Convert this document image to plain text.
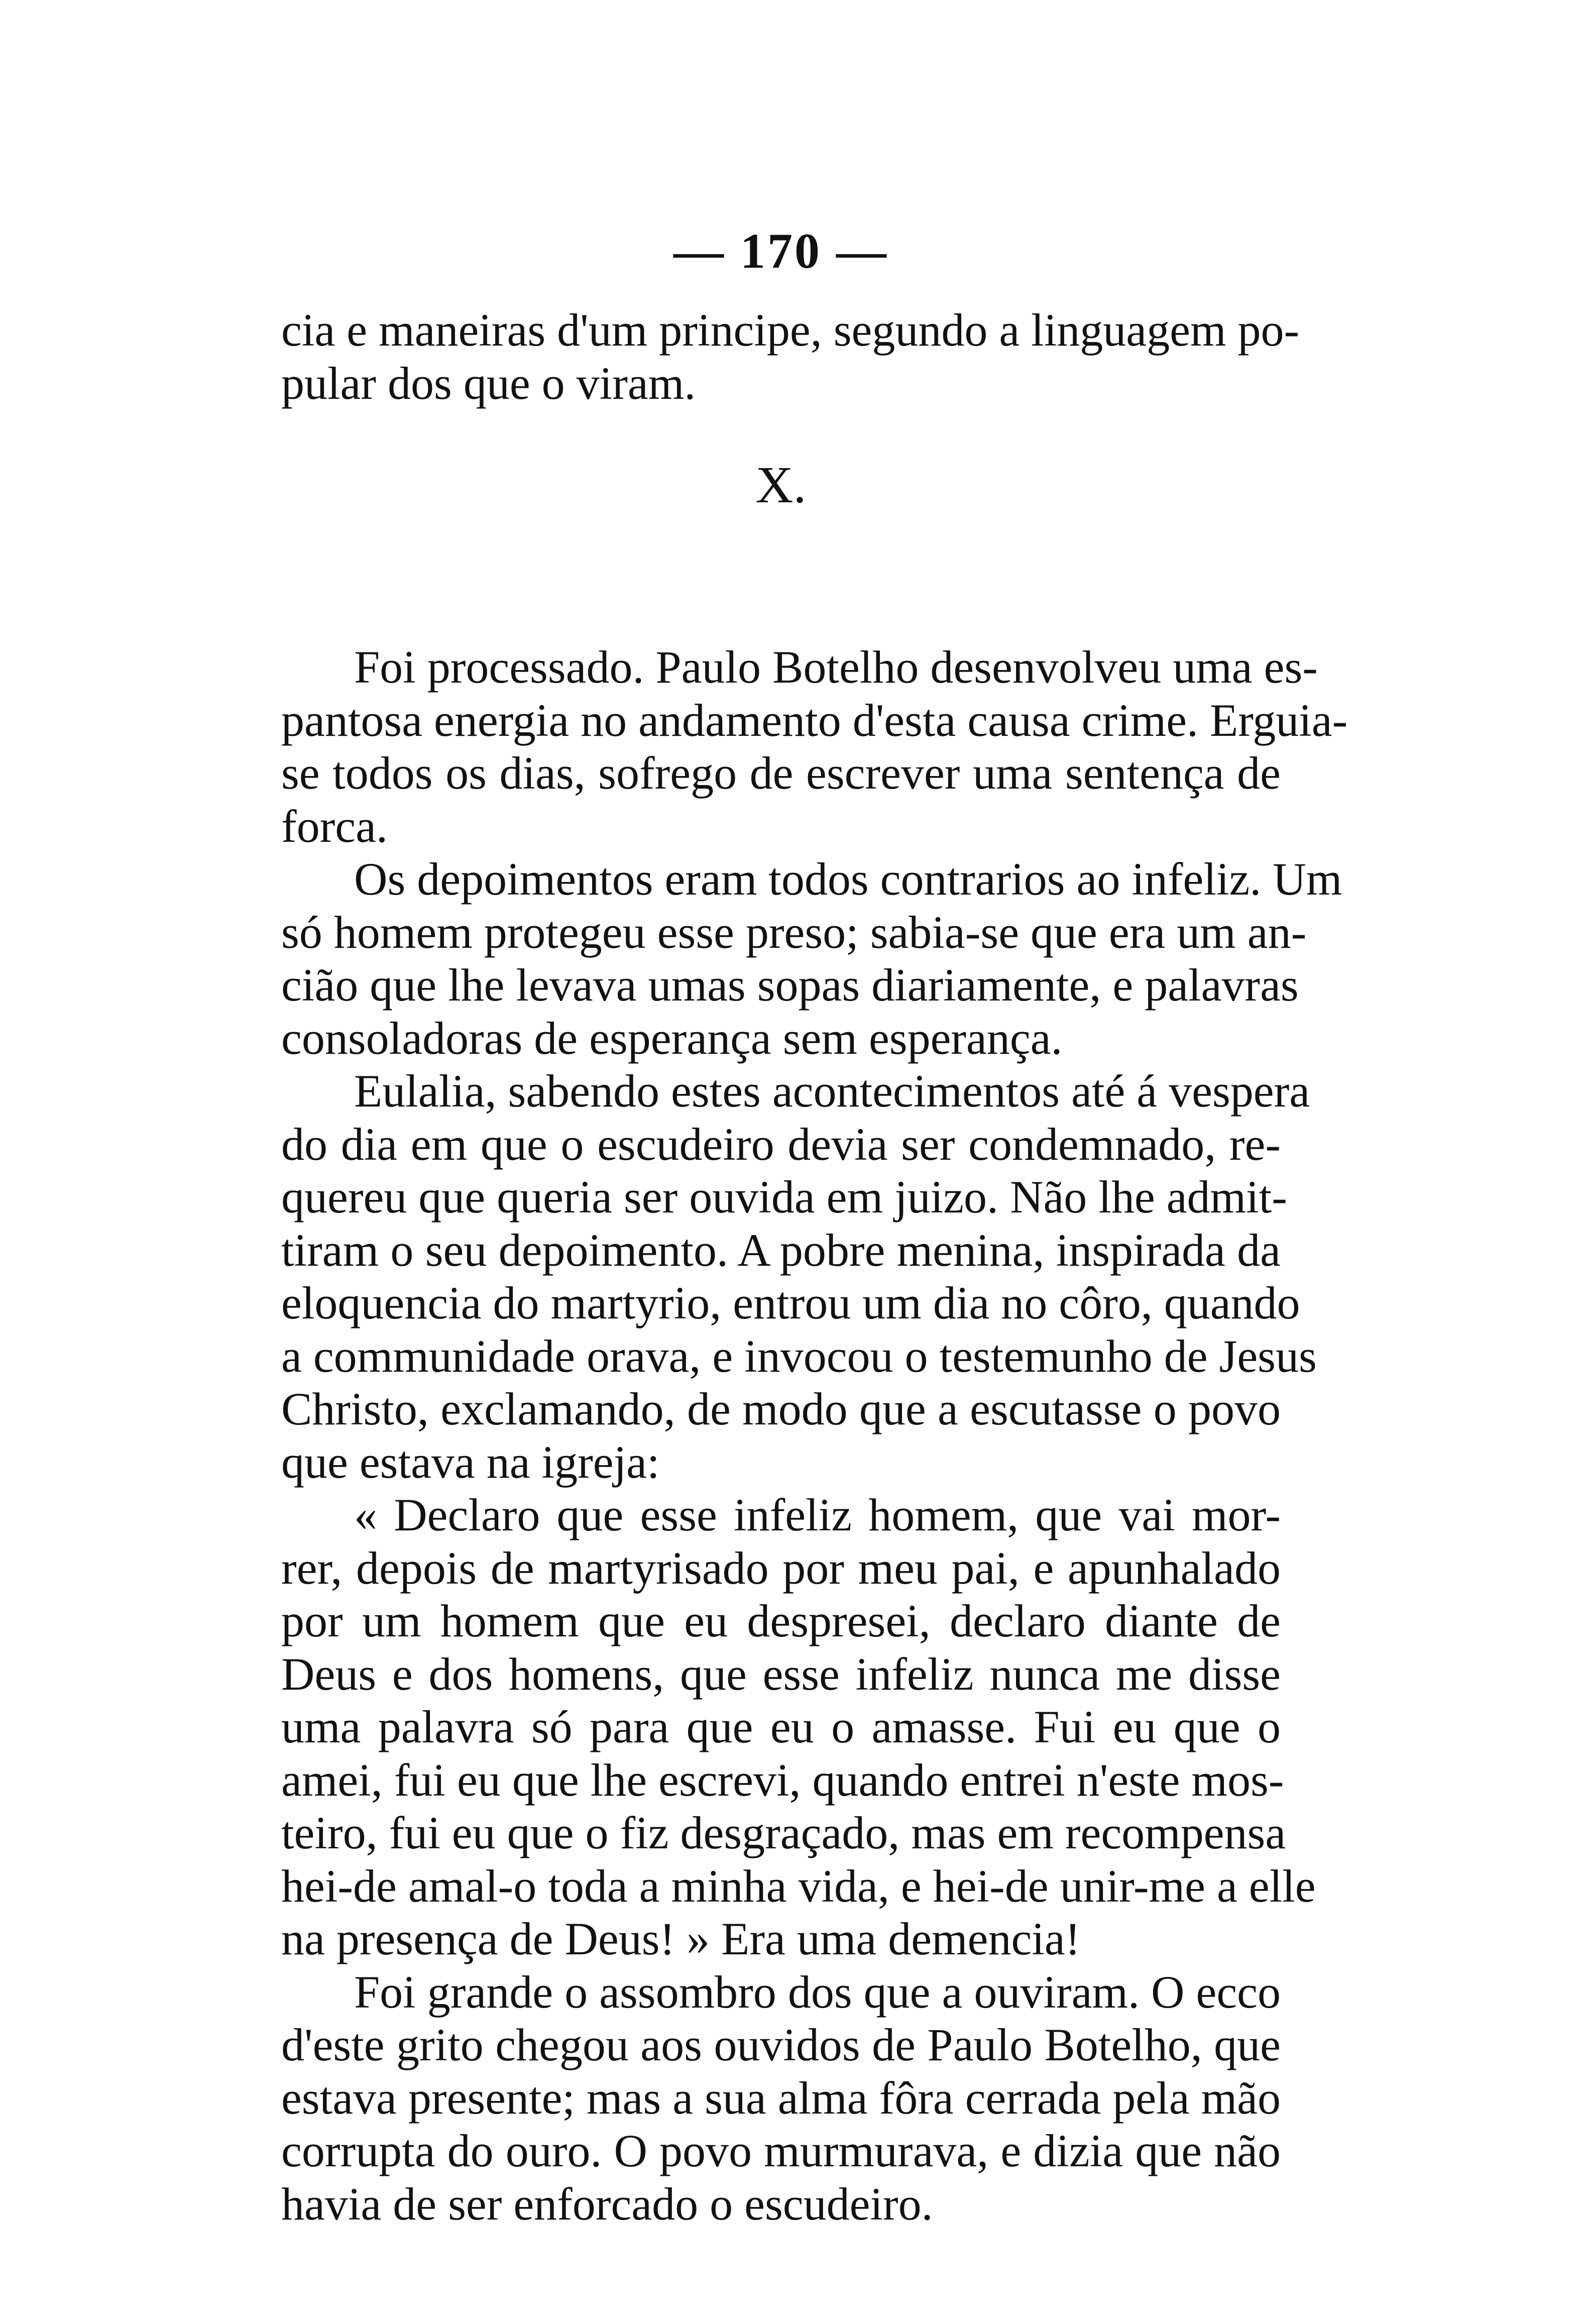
— 170 —
cia e maneiras d'um principe, segundo a linguagem po-
pular dos que o viram.
X.
Foi processado. Paulo Botelho desenvolveu uma es-
pantosa energia no andamento d'esta causa crime. Erguia-
se todos os dias, sofrego de escrever uma sentença de
forca.
Os depoimentos eram todos contrarios ao infeliz. Um
só homem protegeu esse preso; sabia-se que era um an-
cião que lhe levava umas sopas diariamente, e palavras
consoladoras de esperança sem esperança.
Eulalia, sabendo estes acontecimentos até á vespera
do dia em que o escudeiro devia ser condemnado, re-
quereu que queria ser ouvida em juizo. Não lhe admit-
tiram o seu depoimento. A pobre menina, inspirada da
eloquencia do martyrio, entrou um dia no côro, quando
a communidade orava, e invocou o testemunho de Jesus
Christo, exclamando, de modo que a escutasse o povo
que estava na igreja:
« Declaro que esse infeliz homem, que vai mor-
rer, depois de martyrisado por meu pai, e apunhalado
por um homem que eu despresei, declaro diante de
Deus e dos homens, que esse infeliz nunca me disse
uma palavra só para que eu o amasse. Fui eu que o
amei, fui eu que lhe escrevi, quando entrei n'este mos-
teiro, fui eu que o fiz desgraçado, mas em recompensa
hei-de amal-o toda a minha vida, e hei-de unir-me a elle
na presença de Deus! » Era uma demencia!
Foi grande o assombro dos que a ouviram. O ecco
d'este grito chegou aos ouvidos de Paulo Botelho, que
estava presente; mas a sua alma fôra cerrada pela mão
corrupta do ouro. O povo murmurava, e dizia que não
havia de ser enforcado o escudeiro.
